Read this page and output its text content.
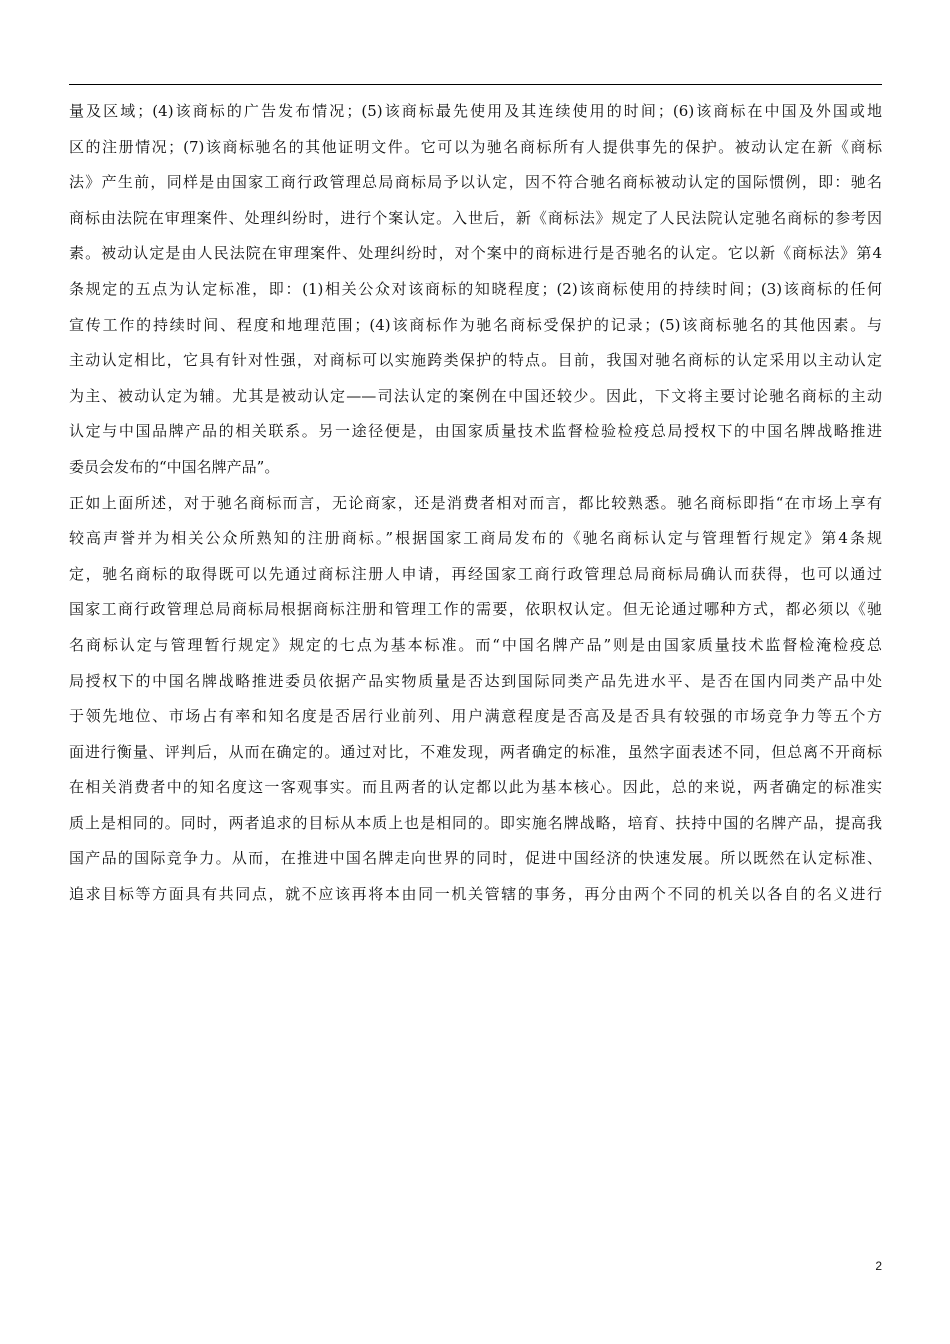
量及区域；(4)该商标的广告发布情况；(5)该商标最先使用及其连续使用的时间；(6)该商标在中国及外国或地
区的注册情况；(7)该商标驰名的其他证明文件。它可以为驰名商标所有人提供事先的保护。被动认定在新《商标
法》产生前，同样是由国家工商行政管理总局商标局予以认定，因不符合驰名商标被动认定的国际惯例，即：驰名
商标由法院在审理案件、处理纠纷时，进行个案认定。入世后，新《商标法》规定了人民法院认定驰名商标的参考因
素。被动认定是由人民法院在审理案件、处理纠纷时，对个案中的商标进行是否驰名的认定。它以新《商标法》第4
条规定的五点为认定标准，即：(1)相关公众对该商标的知晓程度；(2)该商标使用的持续时间；(3)该商标的任何
宣传工作的持续时间、程度和地理范围；(4)该商标作为驰名商标受保护的记录；(5)该商标驰名的其他因素。与
主动认定相比，它具有针对性强，对商标可以实施跨类保护的特点。目前，我国对驰名商标的认定采用以主动认定
为主、被动认定为辅。尤其是被动认定——司法认定的案例在中国还较少。因此，下文将主要讨论驰名商标的主动
认定与中国品牌产品的相关联系。另一途径便是，由国家质量技术监督检验检疫总局授权下的中国名牌战略推进
委员会发布的“中国名牌产品”。
正如上面所述，对于驰名商标而言，无论商家，还是消费者相对而言，都比较熟悉。驰名商标即指“在市场上享有
较高声誉并为相关公众所熟知的注册商标。”根据国家工商局发布的《驰名商标认定与管理暂行规定》第4条规
定，驰名商标的取得既可以先通过商标注册人申请，再经国家工商行政管理总局商标局确认而获得，也可以通过
国家工商行政管理总局商标局根据商标注册和管理工作的需要，依职权认定。但无论通过哪种方式，都必须以《驰
名商标认定与管理暂行规定》规定的七点为基本标准。而“中国名牌产品”则是由国家质量技术监督检淹检疫总
局授权下的中国名牌战略推进委员依据产品实物质量是否达到国际同类产品先进水平、是否在国内同类产品中处
于领先地位、市场占有率和知名度是否居行业前列、用户满意程度是否高及是否具有较强的市场竞争力等五个方
面进行衡量、评判后，从而在确定的。通过对比，不难发现，两者确定的标准，虽然字面表述不同，但总离不开商标
在相关消费者中的知名度这一客观事实。而且两者的认定都以此为基本核心。因此，总的来说，两者确定的标准实
质上是相同的。同时，两者追求的目标从本质上也是相同的。即实施名牌战略，培育、扶持中国的名牌产品，提高我
国产品的国际竞争力。从而，在推进中国名牌走向世界的同时，促进中国经济的快速发展。所以既然在认定标准、
追求目标等方面具有共同点，就不应该再将本由同一机关管辖的事务，再分由两个不同的机关以各自的名义进行
2
